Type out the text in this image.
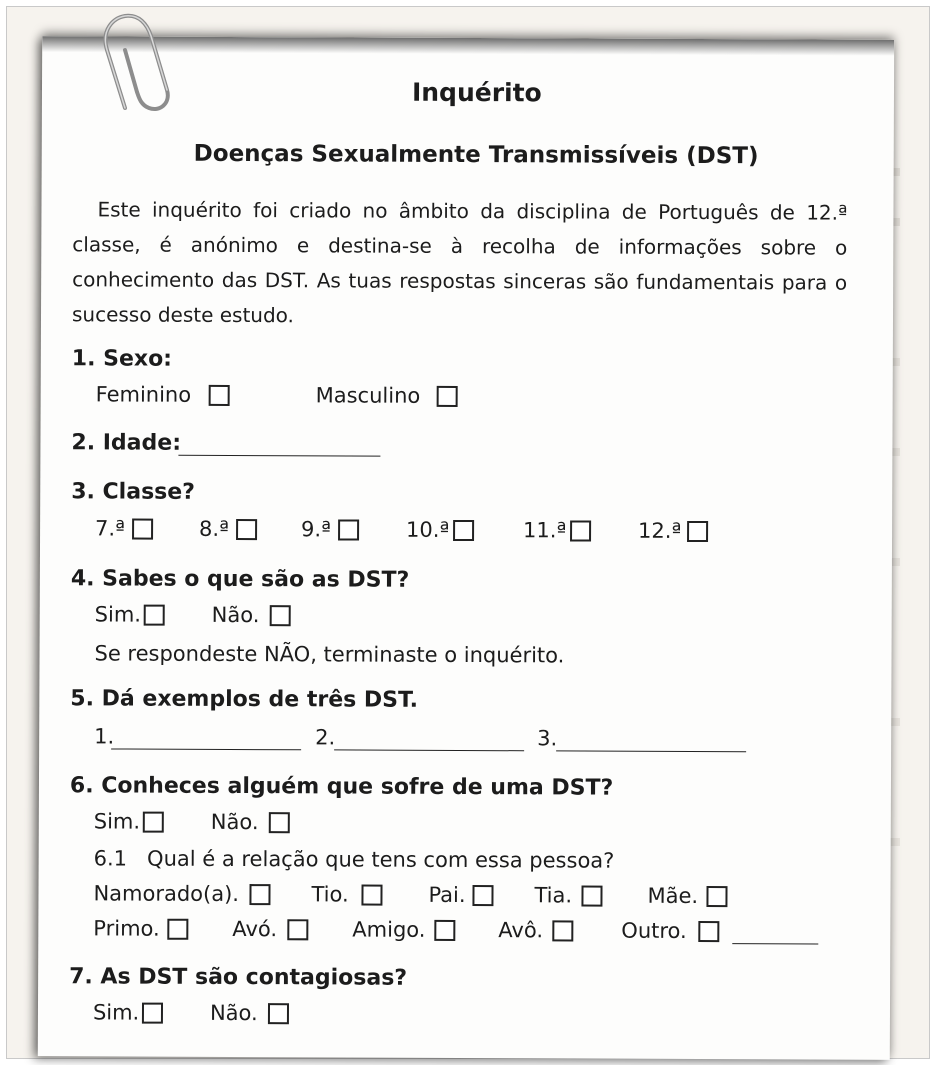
Inquérito
Doenças Sexualmente Transmissíveis (DST)
Este inquérito foi criado no âmbito da disciplina de Português de 12.ª classe, é anónimo e destina-se à recolha de informações sobre o conhecimento das DST. As tuas respostas sinceras são fundamentais para o sucesso deste estudo.
1. Sexo:
Feminino	Masculino
2. Idade:
3. Classe?
7.ª	8.ª	9.ª	10.ª	11.ª	12.ª
4. Sabes o que são as DST?
Sim.	Não.
Se respondeste NÃO, terminaste o inquérito.
5. Dá exemplos de três DST.
1.	2.	3.
6. Conheces alguém que sofre de uma DST?
Sim.	Não.
6.1   Qual é a relação que tens com essa pessoa?
Namorado(a).	Tio.	Pai.	Tia.	Mãe.
Primo.	Avó.	Amigo.	Avô.	Outro.
7. As DST são contagiosas?
Sim.	Não.
